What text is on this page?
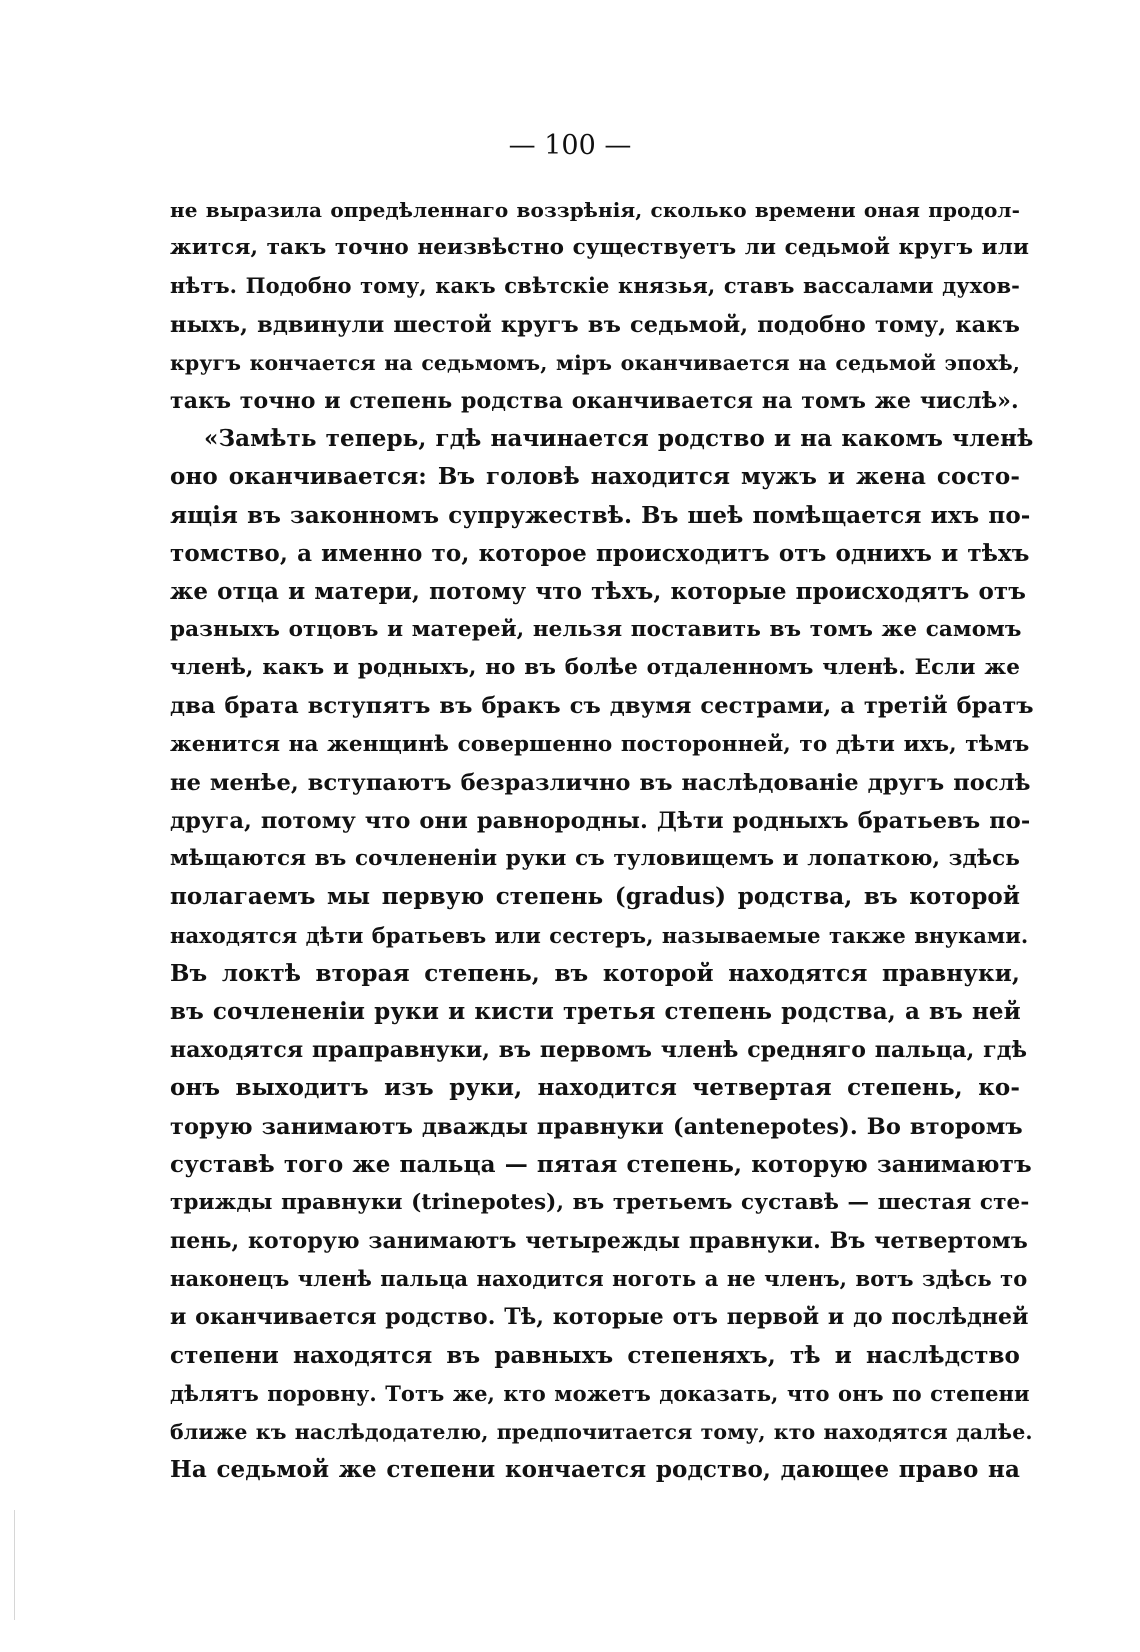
— 100 —
не выразила опредѣленнаго воззрѣнія, сколько времени оная продол-
жится, такъ точно неизвѣстно существуетъ ли седьмой кругъ или
нѣтъ. Подобно тому, какъ свѣтскіе князья, ставъ вассалами духов-
ныхъ, вдвинули шестой кругъ въ седьмой, подобно тому, какъ
кругъ кончается на седьмомъ, міръ оканчивается на седьмой эпохѣ,
такъ точно и степень родства оканчивается на томъ же числѣ».
«Замѣть теперь, гдѣ начинается родство и на какомъ членѣ
оно оканчивается: Въ головѣ находится мужъ и жена состо-
ящія въ законномъ супружествѣ. Въ шеѣ помѣщается ихъ по-
томство, а именно то, которое происходитъ отъ однихъ и тѣхъ
же отца и матери, потому что тѣхъ, которые происходятъ отъ
разныхъ отцовъ и матерей, нельзя поставить въ томъ же самомъ
членѣ, какъ и родныхъ, но въ болѣе отдаленномъ членѣ. Если же
два брата вступятъ въ бракъ съ двумя сестрами, а третій братъ
женится на женщинѣ совершенно посторонней, то дѣти ихъ, тѣмъ
не менѣе, вступаютъ безразлично въ наслѣдованіе другъ послѣ
друга, потому что они равнородны. Дѣти родныхъ братьевъ по-
мѣщаются въ сочлененіи руки съ туловищемъ и лопаткою, здѣсь
полагаемъ мы первую степень (gradus) родства, въ которой
находятся дѣти братьевъ или сестеръ, называемые также внуками.
Въ локтѣ вторая степень, въ которой находятся правнуки,
въ сочлененіи руки и кисти третья степень родства, а въ ней
находятся праправнуки, въ первомъ членѣ средняго пальца, гдѣ
онъ выходитъ изъ руки, находится четвертая степень, ко-
торую занимаютъ дважды правнуки (antenepotes). Во второмъ
суставѣ того же пальца — пятая степень, которую занимаютъ
трижды правнуки (trinepotes), въ третьемъ суставѣ — шестая сте-
пень, которую занимаютъ четырежды правнуки. Въ четвертомъ
наконецъ членѣ пальца находится ноготь а не членъ, вотъ здѣсь то
и оканчивается родство. Тѣ, которые отъ первой и до послѣдней
степени находятся въ равныхъ степеняхъ, тѣ и наслѣдство
дѣлятъ поровну. Тотъ же, кто можетъ доказать, что онъ по степени
ближе къ наслѣдодателю, предпочитается тому, кто находятся далѣе.
На седьмой же степени кончается родство, дающее право на
